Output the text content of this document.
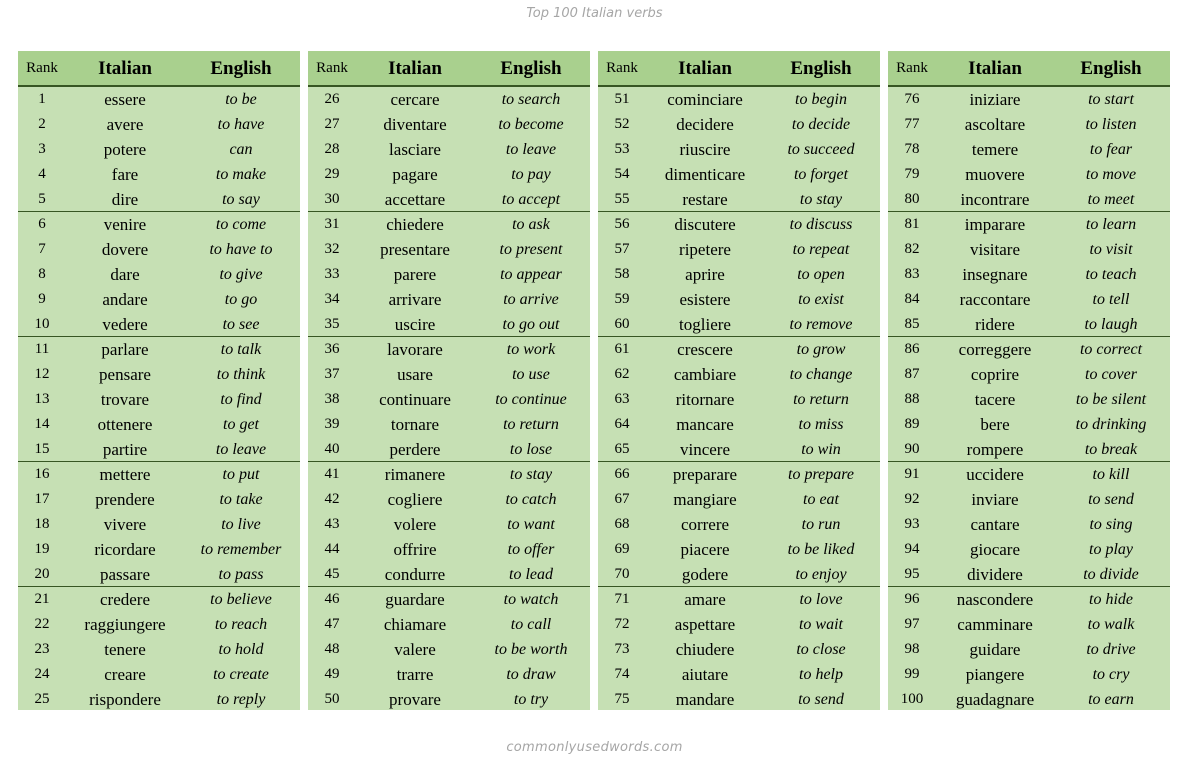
Top 100 Italian verbs
Rank	Italian	English
1	essere	to be
2	avere	to have
3	potere	can
4	fare	to make
5	dire	to say
6	venire	to come
7	dovere	to have to
8	dare	to give
9	andare	to go
10	vedere	to see
11	parlare	to talk
12	pensare	to think
13	trovare	to find
14	ottenere	to get
15	partire	to leave
16	mettere	to put
17	prendere	to take
18	vivere	to live
19	ricordare	to remember
20	passare	to pass
21	credere	to believe
22	raggiungere	to reach
23	tenere	to hold
24	creare	to create
25	rispondere	to reply
Rank	Italian	English
26	cercare	to search
27	diventare	to become
28	lasciare	to leave
29	pagare	to pay
30	accettare	to accept
31	chiedere	to ask
32	presentare	to present
33	parere	to appear
34	arrivare	to arrive
35	uscire	to go out
36	lavorare	to work
37	usare	to use
38	continuare	to continue
39	tornare	to return
40	perdere	to lose
41	rimanere	to stay
42	cogliere	to catch
43	volere	to want
44	offrire	to offer
45	condurre	to lead
46	guardare	to watch
47	chiamare	to call
48	valere	to be worth
49	trarre	to draw
50	provare	to try
Rank	Italian	English
51	cominciare	to begin
52	decidere	to decide
53	riuscire	to succeed
54	dimenticare	to forget
55	restare	to stay
56	discutere	to discuss
57	ripetere	to repeat
58	aprire	to open
59	esistere	to exist
60	togliere	to remove
61	crescere	to grow
62	cambiare	to change
63	ritornare	to return
64	mancare	to miss
65	vincere	to win
66	preparare	to prepare
67	mangiare	to eat
68	correre	to run
69	piacere	to be liked
70	godere	to enjoy
71	amare	to love
72	aspettare	to wait
73	chiudere	to close
74	aiutare	to help
75	mandare	to send
Rank	Italian	English
76	iniziare	to start
77	ascoltare	to listen
78	temere	to fear
79	muovere	to move
80	incontrare	to meet
81	imparare	to learn
82	visitare	to visit
83	insegnare	to teach
84	raccontare	to tell
85	ridere	to laugh
86	correggere	to correct
87	coprire	to cover
88	tacere	to be silent
89	bere	to drinking
90	rompere	to break
91	uccidere	to kill
92	inviare	to send
93	cantare	to sing
94	giocare	to play
95	dividere	to divide
96	nascondere	to hide
97	camminare	to walk
98	guidare	to drive
99	piangere	to cry
100	guadagnare	to earn
commonlyusedwords.com
